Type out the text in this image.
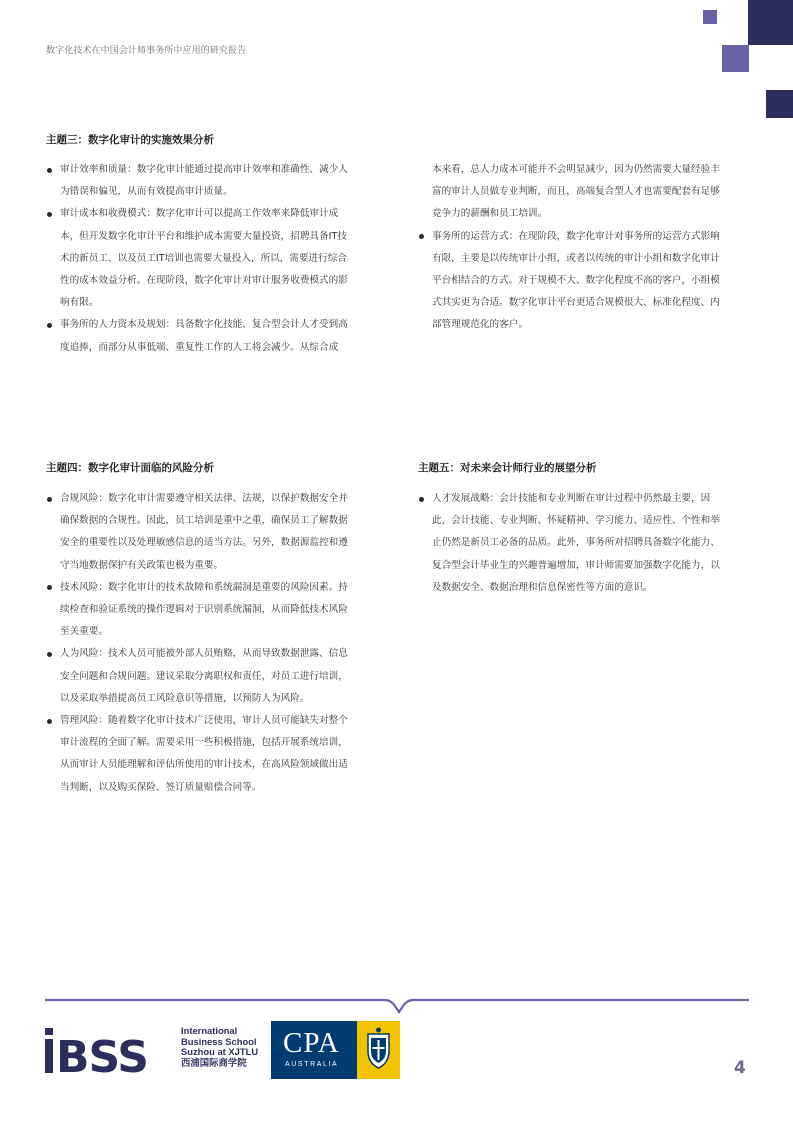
数字化技术在中国会计师事务所中应用的研究报告
主题三：数字化审计的实施效果分析
审计效率和质量：数字化审计能通过提高审计效率和准确性、减少人
为错误和偏见，从而有效提高审计质量。
审计成本和收费模式：数字化审计可以提高工作效率来降低审计成
本，但开发数字化审计平台和维护成本需要大量投资，招聘具备IT技
术的新员工、以及员工IT培训也需要大量投入，所以，需要进行综合
性的成本效益分析。在现阶段，数字化审计对审计服务收费模式的影
响有限。
事务所的人力资本及规划：具备数字化技能、复合型会计人才受到高
度追捧，而部分从事低端、重复性工作的人工将会减少。从综合成
本来看，总人力成本可能并不会明显减少，因为仍然需要大量经验丰
富的审计人员做专业判断，而且，高端复合型人才也需要配套有足够
竞争力的薪酬和员工培训。
事务所的运营方式：在现阶段，数字化审计对事务所的运营方式影响
有限，主要是以传统审计小组，或者以传统的审计小组和数字化审计
平台相结合的方式。对于规模不大、数字化程度不高的客户，小组模
式其实更为合适。数字化审计平台更适合规模很大、标准化程度、内
部管理规范化的客户。
主题四：数字化审计面临的风险分析
合规风险：数字化审计需要遵守相关法律、法规，以保护数据安全并
确保数据的合规性。因此，员工培训是重中之重，确保员工了解数据
安全的重要性以及处理敏感信息的适当方法。另外，数据源监控和遵
守当地数据保护有关政策也极为重要。
技术风险：数字化审计的技术故障和系统漏洞是重要的风险因素。持
续检查和验证系统的操作逻辑对于识别系统漏洞，从而降低技术风险
至关重要。
人为风险：技术人员可能被外部人员贿赂，从而导致数据泄露、信息
安全问题和合规问题。建议采取分离职权和责任，对员工进行培训，
以及采取举措提高员工风险意识等措施，以预防人为风险。
管理风险：随着数字化审计技术广泛使用，审计人员可能缺失对整个
审计流程的全面了解。需要采用一些积极措施，包括开展系统培训，
从而审计人员能理解和评估所使用的审计技术，在高风险领域做出适
当判断，以及购买保险、签订质量赔偿合同等。
主题五：对未来会计师行业的展望分析
人才发展战略：会计技能和专业判断在审计过程中仍然最主要，因
此，会计技能、专业判断、怀疑精神、学习能力、适应性、个性和举
止仍然是新员工必备的品质。此外，事务所对招聘具备数字化能力、
复合型会计毕业生的兴趣普遍增加，审计师需要加强数字化能力，以
及数据安全、数据治理和信息保密性等方面的意识。
BSS
International
Business School
Suzhou at XJTLU
西浦国际商学院
CPA
AUSTRALIA	4
